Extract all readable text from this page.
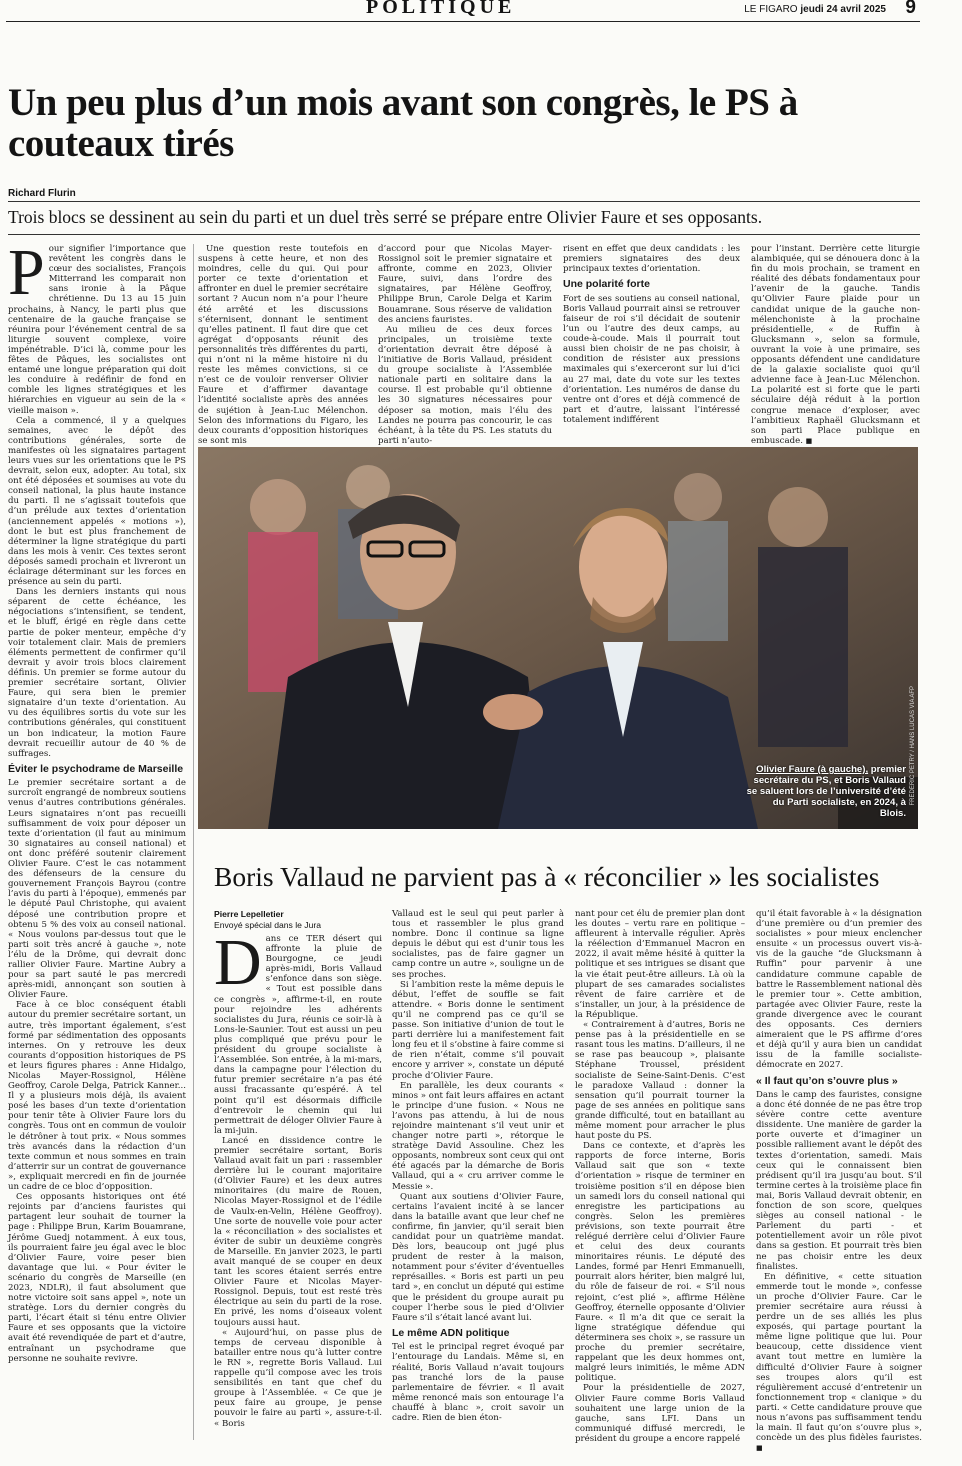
POLITIQUE	LE FIGARO jeudi 24 avril 2025 9
Un peu plus d’un mois avant son congrès, le PS à couteaux tirés
Richard Flurin
Trois blocs se dessinent au sein du parti et un duel très serré se prépare entre Olivier Faure et ses opposants.

Pour signifier l’importance que revêtent les congrès dans le cœur des socialistes, François Mitterrand les comparait non sans ironie à la Pâque chrétienne. Du 13 au 15 juin prochains, à Nancy, le parti plus que centenaire de la gauche française se réunira pour l’événement central de sa liturgie souvent complexe, voire impénétrable. D’ici là, comme pour les fêtes de Pâques, les socialistes ont entamé une longue préparation qui doit les conduire à redéfinir de fond en comble les lignes stratégiques et les hiérarchies en vigueur au sein de la « vieille maison ».

Cela a commencé, il y a quelques semaines, avec le dépôt des contributions générales, sorte de manifestes où les signataires partagent leurs vues sur les orientations que le PS devrait, selon eux, adopter. Au total, six ont été déposées et soumises au vote du conseil national, la plus haute instance du parti. Il ne s’agissait toutefois que d’un prélude aux textes d’orientation (anciennement appelés « motions »), dont le but est plus franchement de déterminer la ligne stratégique du parti dans les mois à venir. Ces textes seront déposés samedi prochain et livreront un éclairage déterminant sur les forces en présence au sein du parti.

Dans les derniers instants qui nous séparent de cette échéance, les négociations s’intensifient, se tendent, et le bluff, érigé en règle dans cette partie de poker menteur, empêche d’y voir totalement clair. Mais de premiers éléments permettent de confirmer qu’il devrait y avoir trois blocs clairement définis. Un premier se forme autour du premier secrétaire sortant, Olivier Faure, qui sera bien le premier signataire d’un texte d’orientation. Au vu des équilibres sortis du vote sur les contributions générales, qui constituent un bon indicateur, la motion Faure devrait recueillir autour de 40 % de suffrages.

Éviter le psychodrame de Marseille

Le premier secrétaire sortant a de surcroît engrangé de nombreux soutiens venus d’autres contributions générales. Leurs signataires n’ont pas recueilli suffisamment de voix pour déposer un texte d’orientation (il faut au minimum 30 signataires au conseil national) et ont donc préféré soutenir clairement Olivier Faure. C’est le cas notamment des défenseurs de la censure du gouvernement François Bayrou (contre l’avis du parti à l’époque), emmenés par le député Paul Christophe, qui avaient déposé une contribution propre et obtenu 5 % des voix au conseil national. « Nous voulons par-dessus tout que le parti soit très ancré à gauche », note l’élu de la Drôme, qui devrait donc rallier Olivier Faure. Martine Aubry a pour sa part sauté le pas mercredi après-midi, annonçant son soutien à Olivier Faure.

Face à ce bloc conséquent établi autour du premier secrétaire sortant, un autre, très important également, s’est formé par sédimentation des opposants internes. On y retrouve les deux courants d’opposition historiques de PS et leurs figures phares : Anne Hidalgo, Nicolas Mayer-Rossignol, Hélène Geoffroy, Carole Delga, Patrick Kanner... Il y a plusieurs mois déjà, ils avaient posé les bases d’un texte d’orientation pour tenir tête à Olivier Faure lors du congrès. Tous ont en commun de vouloir le détrôner à tout prix. « Nous sommes très avancés dans la rédaction d’un texte commun et nous sommes en train d’atterrir sur un contrat de gouvernance », expliquait mercredi en fin de journée un cadre de ce bloc d’opposition.

Ces opposants historiques ont été rejoints par d’anciens fauristes qui partagent leur souhait de tourner la page : Philippe Brun, Karim Bouamrane, Jérôme Guedj notamment. À eux tous, ils pourraient faire jeu égal avec le bloc d’Olivier Faure, voire peser bien davantage que lui. « Pour éviter le scénario du congrès de Marseille (en 2023, NDLR), il faut absolument que notre victoire soit sans appel », note un stratège. Lors du dernier congrès du parti, l’écart était si ténu entre Olivier Faure et ses opposants que la victoire avait été revendiquée de part et d’autre, entraînant un psychodrame que personne ne souhaite revivre.

Une question reste toutefois en suspens à cette heure, et non des moindres, celle du qui. Qui pour porter ce texte d’orientation et affronter en duel le premier secrétaire sortant ? Aucun nom n’a pour l’heure été arrêté et les discussions s’éternisent, donnant le sentiment qu’elles patinent. Il faut dire que cet agrégat d’opposants réunit des personnalités très différentes du parti, qui n’ont ni la même histoire ni du reste les mêmes convictions, si ce n’est ce de vouloir renverser Olivier Faure et d’affirmer davantage l’identité socialiste après des années de sujétion à Jean-Luc Mélenchon. Selon des informations du Figaro, les deux courants d’opposition historiques se sont mis

d’accord pour que Nicolas Mayer-Rossignol soit le premier signataire et affronte, comme en 2023, Olivier Faure, suivi, dans l’ordre des signataires, par Hélène Geoffroy, Philippe Brun, Carole Delga et Karim Bouamrane. Sous réserve de validation des anciens fauristes.

Au milieu de ces deux forces principales, un troisième texte d’orientation devrait être déposé à l’initiative de Boris Vallaud, président du groupe socialiste à l’Assemblée nationale parti en solitaire dans la course. Il est probable qu’il obtienne les 30 signatures nécessaires pour déposer sa motion, mais l’élu des Landes ne pourra pas concourir, le cas échéant, à la tête du PS. Les statuts du parti n’auto-

risent en effet que deux candidats : les premiers signataires des deux principaux textes d’orientation.

Une polarité forte

Fort de ses soutiens au conseil national, Boris Vallaud pourrait ainsi se retrouver faiseur de roi s’il décidait de soutenir l’un ou l’autre des deux camps, au coude-à-coude. Mais il pourrait tout aussi bien choisir de ne pas choisir, à condition de résister aux pressions maximales qui s’exerceront sur lui d’ici au 27 mai, date du vote sur les textes d’orientation. Les numéros de danse du ventre ont d’ores et déjà commencé de part et d’autre, laissant l’intéressé totalement indifférent

pour l’instant. Derrière cette liturgie alambiquée, qui se dénouera donc à la fin du mois prochain, se trament en réalité des débats fondamentaux pour l’avenir de la gauche. Tandis qu’Olivier Faure plaide pour un candidat unique de la gauche non-mélenchoniste à la prochaine présidentielle, « de Ruffin à Glucksmann », selon sa formule, ouvrant la voie à une primaire, ses opposants défendent une candidature de la galaxie socialiste quoi qu’il advienne face à Jean-Luc Mélenchon. La polarité est si forte que le parti séculaire déjà réduit à la portion congrue menace d’exploser, avec l’ambitieux Raphaël Glucksmann et son parti Place publique en embuscade. ■

Olivier Faure (à gauche), premier secrétaire du PS, et Boris Vallaud se saluent lors de l’université d’été du Parti socialiste, en 2024, à Blois.
FRÉDÉRIC PETRY / HANS LUCAS VIA AFP
Boris Vallaud ne parvient pas à « réconcilier » les socialistes
Pierre Lepelletier
Envoyé spécial dans le Jura

Dans ce TER désert qui affronte la pluie de Bourgogne, ce jeudi après-midi, Boris Vallaud s’enfonce dans son siège. « Tout est possible dans ce congrès », affirme-t-il, en route pour rejoindre les adhérents socialistes du Jura, réunis ce soir-là à Lons-le-Saunier. Tout est aussi un peu plus compliqué que prévu pour le président du groupe socialiste à l’Assemblée. Son entrée, à la mi-mars, dans la campagne pour l’élection du futur premier secrétaire n’a pas été aussi fracassante qu’espéré. À tel point qu’il est désormais difficile d’entrevoir le chemin qui lui permettrait de déloger Olivier Faure à la mi-juin.

Lancé en dissidence contre le premier secrétaire sortant, Boris Vallaud avait fait un pari : rassembler derrière lui le courant majoritaire (d’Olivier Faure) et les deux autres minoritaires (du maire de Rouen, Nicolas Mayer-Rossignol et de l’édile de Vaulx-en-Velin, Hélène Geoffroy). Une sorte de nouvelle voie pour acter la « réconciliation » des socialistes et éviter de subir un deuxième congrès de Marseille. En janvier 2023, le parti avait manqué de se couper en deux tant les scores étaient serrés entre Olivier Faure et Nicolas Mayer-Rossignol. Depuis, tout est resté très électrique au sein du parti de la rose. En privé, les noms d’oiseaux volent toujours aussi haut.

« Aujourd’hui, on passe plus de temps de cerveau disponible à batailler entre nous qu’à lutter contre le RN », regrette Boris Vallaud. Lui rappelle qu’il compose avec les trois sensibilités en tant que chef du groupe à l’Assemblée. « Ce que je peux faire au groupe, je pense pouvoir le faire au parti », assure-t-il. « Boris

Vallaud est le seul qui peut parler à tous et rassembler le plus grand nombre. Donc il continue sa ligne depuis le début qui est d’unir tous les socialistes, pas de faire gagner un camp contre un autre », souligne un de ses proches.

Si l’ambition reste la même depuis le début, l’effet de souffle se fait attendre. « Boris donne le sentiment qu’il ne comprend pas ce qu’il se passe. Son initiative d’union de tout le parti derrière lui a manifestement fait long feu et il s’obstine à faire comme si de rien n’était, comme s’il pouvait encore y arriver », constate un député proche d’Olivier Faure.

En parallèle, les deux courants « minos » ont fait leurs affaires en actant le principe d’une fusion. « Nous ne l’avons pas attendu, à lui de nous rejoindre maintenant s’il veut unir et changer notre parti », rétorque le stratège David Assouline. Chez les opposants, nombreux sont ceux qui ont été agacés par la démarche de Boris Vallaud, qui a « cru arriver comme le Messie ».

Quant aux soutiens d’Olivier Faure, certains l’avaient incité à se lancer dans la bataille avant que leur chef ne confirme, fin janvier, qu’il serait bien candidat pour un quatrième mandat. Dès lors, beaucoup ont jugé plus prudent de rester à la maison, notamment pour s’éviter d’éventuelles représailles. « Boris est parti un peu tard », en conclut un député qui estime que le président du groupe aurait pu couper l’herbe sous le pied d’Olivier Faure s’il s’était lancé avant lui.

Le même ADN politique

Tel est le principal regret évoqué par l’entourage du Landais. Même si, en réalité, Boris Vallaud n’avait toujours pas tranché lors de la pause parlementaire de février. « Il avait même renoncé mais son entourage l’a chauffé à blanc », croit savoir un cadre. Rien de bien éton-

nant pour cet élu de premier plan dont les doutes – vertu rare en politique – affleurent à intervalle régulier. Après la réélection d’Emmanuel Macron en 2022, il avait même hésité à quitter la politique et ses intrigues se disant que la vie était peut-être ailleurs. Là où la plupart de ses camarades socialistes rêvent de faire carrière et de s’installer, un jour, à la présidence de la République.

« Contrairement à d’autres, Boris ne pense pas à la présidentielle en se rasant tous les matins. D’ailleurs, il ne se rase pas beaucoup », plaisante Stéphane Troussel, président socialiste de Seine-Saint-Denis. C’est le paradoxe Vallaud : donner la sensation qu’il pourrait tourner la page de ses années en politique sans grande difficulté, tout en bataillant au même moment pour arracher le plus haut poste du PS.

Dans ce contexte, et d’après les rapports de force interne, Boris Vallaud sait que son « texte d’orientation » risque de terminer en troisième position s’il en dépose bien un samedi lors du conseil national qui enregistre les participations au congrès. Selon les premières prévisions, son texte pourrait être relégué derrière celui d’Olivier Faure et celui des deux courants minoritaires réunis. Le député des Landes, formé par Henri Emmanuelli, pourrait alors hériter, bien malgré lui, du rôle de faiseur de roi. « S’il nous rejoint, c’est plié », affirme Hélène Geoffroy, éternelle opposante d’Olivier Faure. « Il m’a dit que ce serait la ligne stratégique défendue qui déterminera ses choix », se rassure un proche du premier secrétaire, rappelant que les deux hommes ont, malgré leurs inimitiés, le même ADN politique.

Pour la présidentielle de 2027, Olivier Faure comme Boris Vallaud souhaitent une large union de la gauche, sans LFI. Dans un communiqué diffusé mercredi, le président du groupe a encore rappelé

qu’il était favorable à « la désignation d’une première ou d’un premier des socialistes » pour mieux enclencher ensuite « un processus ouvert vis-à-vis de la gauche “de Glucksmann à Ruffin” pour parvenir à une candidature commune capable de battre le Rassemblement national dès le premier tour ». Cette ambition, partagée avec Olivier Faure, reste la grande divergence avec le courant des opposants. Ces derniers aimeraient que le PS affirme d’ores et déjà qu’il y aura bien un candidat issu de la famille socialiste-démocrate en 2027.

« Il faut qu’on s’ouvre plus »

Dans le camp des fauristes, consigne a donc été donnée de ne pas être trop sévère contre cette aventure dissidente. Une manière de garder la porte ouverte et d’imaginer un possible ralliement avant le dépôt des textes d’orientation, samedi. Mais ceux qui le connaissent bien prédisent qu’il ira jusqu’au bout. S’il termine certes à la troisième place fin mai, Boris Vallaud devrait obtenir, en fonction de son score, quelques sièges au conseil national - le Parlement du parti - et potentiellement avoir un rôle pivot dans sa gestion. Et pourrait très bien ne pas choisir entre les deux finalistes.

En définitive, « cette situation emmerde tout le monde », confesse un proche d’Olivier Faure. Car le premier secrétaire aura réussi à perdre un de ses alliés les plus exposés, qui partage pourtant la même ligne politique que lui. Pour beaucoup, cette dissidence vient avant tout mettre en lumière la difficulté d’Olivier Faure à soigner ses troupes alors qu’il est régulièrement accusé d’entretenir un fonctionnement trop « clanique » du parti. « Cette candidature prouve que nous n’avons pas suffisamment tendu la main. Il faut qu’on s’ouvre plus », concède un des plus fidèles fauristes. ■
